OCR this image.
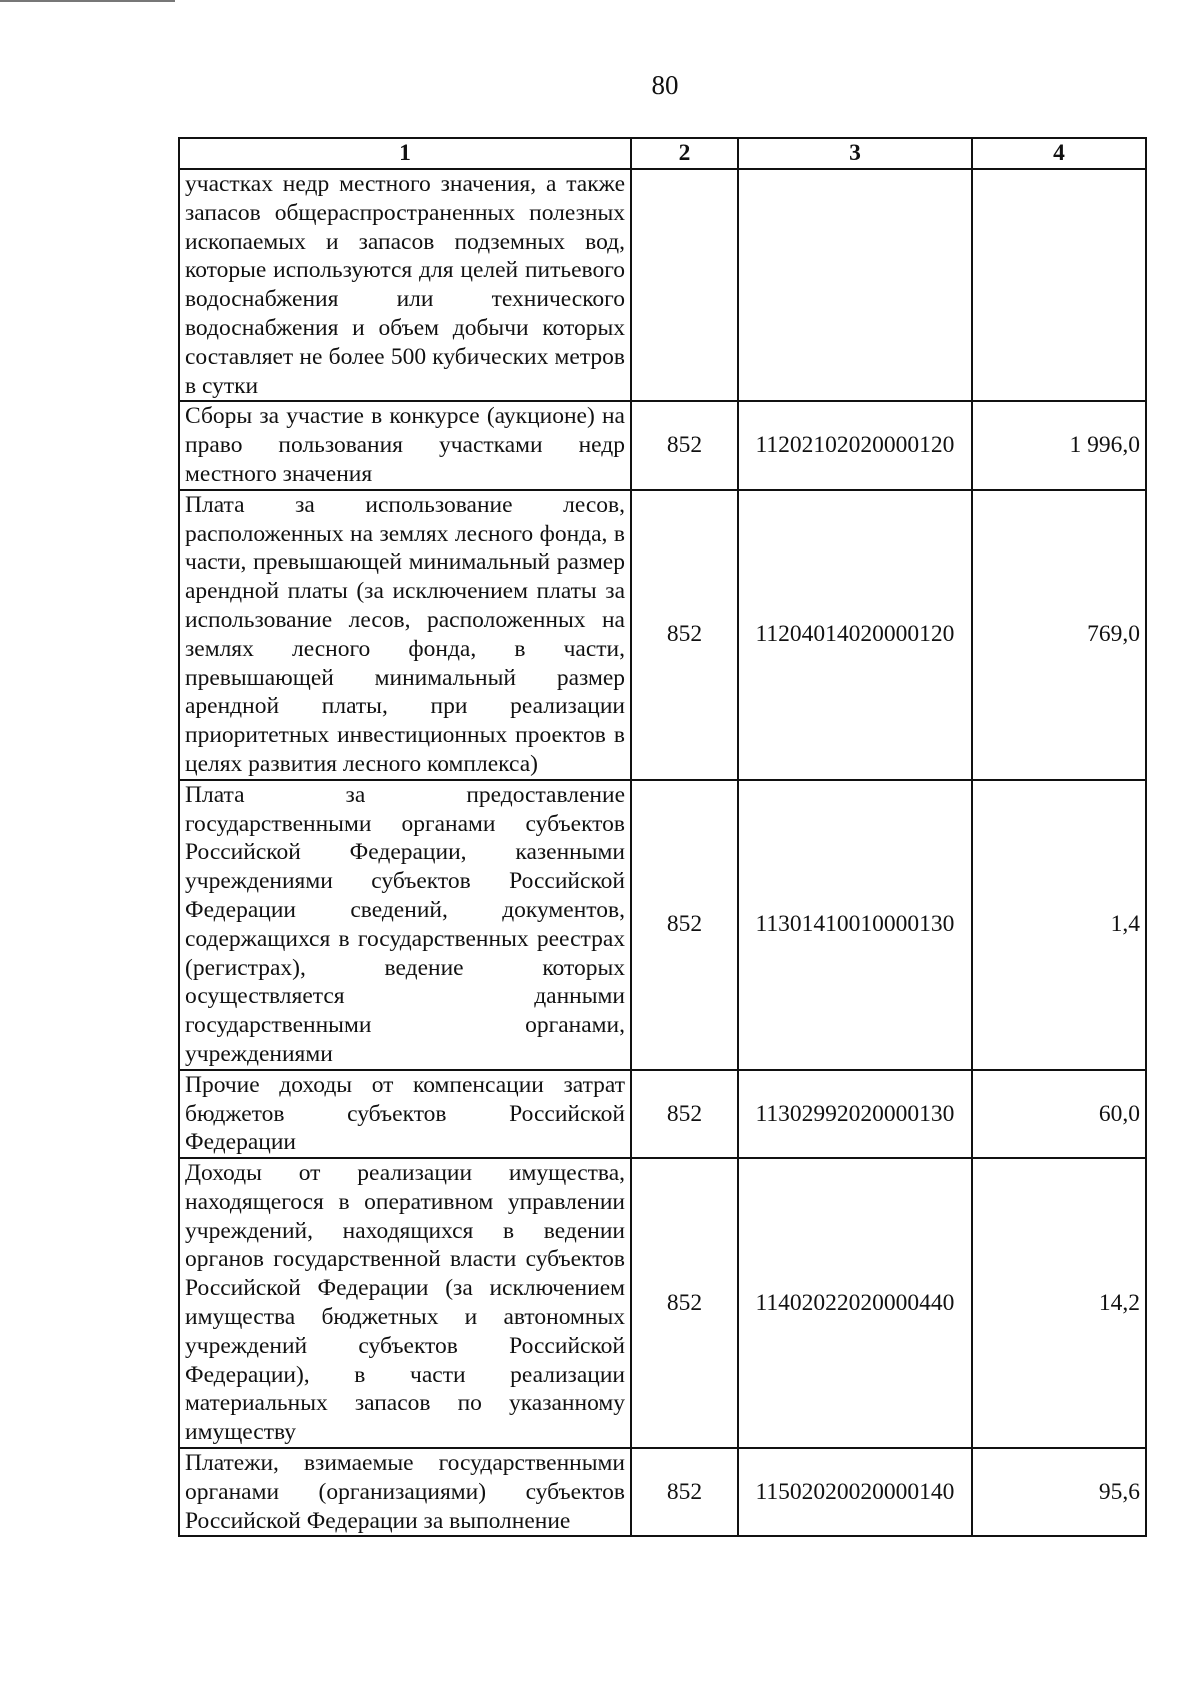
80
1	2	3	4
участках недр местного значения, а также запасов общераспространенных полезных ископаемых и запасов подземных вод, которые используются для целей питьевого водоснабжения или технического водоснабжения и объем добычи которых составляет не более 500 кубических метров в сутки			
Сборы за участие в конкурсе (аукционе) на право пользования участками недр местного значения	852	11202102020000120	1 996,0
Плата за использование лесов, расположенных на землях лесного фонда, в части, превышающей минимальный размер арендной платы (за исключением платы за использование лесов, расположенных на землях лесного фонда, в части, превышающей минимальный размер арендной платы, при реализации приоритетных инвестиционных проектов в целях развития лесного комплекса)	852	11204014020000120	769,0
Плата за предоставление государственными органами субъектов Российской Федерации, казенными учреждениями субъектов Российской Федерации сведений, документов, содержащихся в государственных реестрах (регистрах), ведение которых осуществляется данными государственными органами, учреждениями	852	11301410010000130	1,4
Прочие доходы от компенсации затрат бюджетов субъектов Российской Федерации	852	11302992020000130	60,0
Доходы от реализации имущества, находящегося в оперативном управлении учреждений, находящихся в ведении органов государственной власти субъектов Российской Федерации (за исключением имущества бюджетных и автономных учреждений субъектов Российской Федерации), в части реализации материальных запасов по указанному имуществу	852	11402022020000440	14,2
Платежи, взимаемые государственными органами (организациями) субъектов Российской Федерации за выполнение	852	11502020020000140	95,6
